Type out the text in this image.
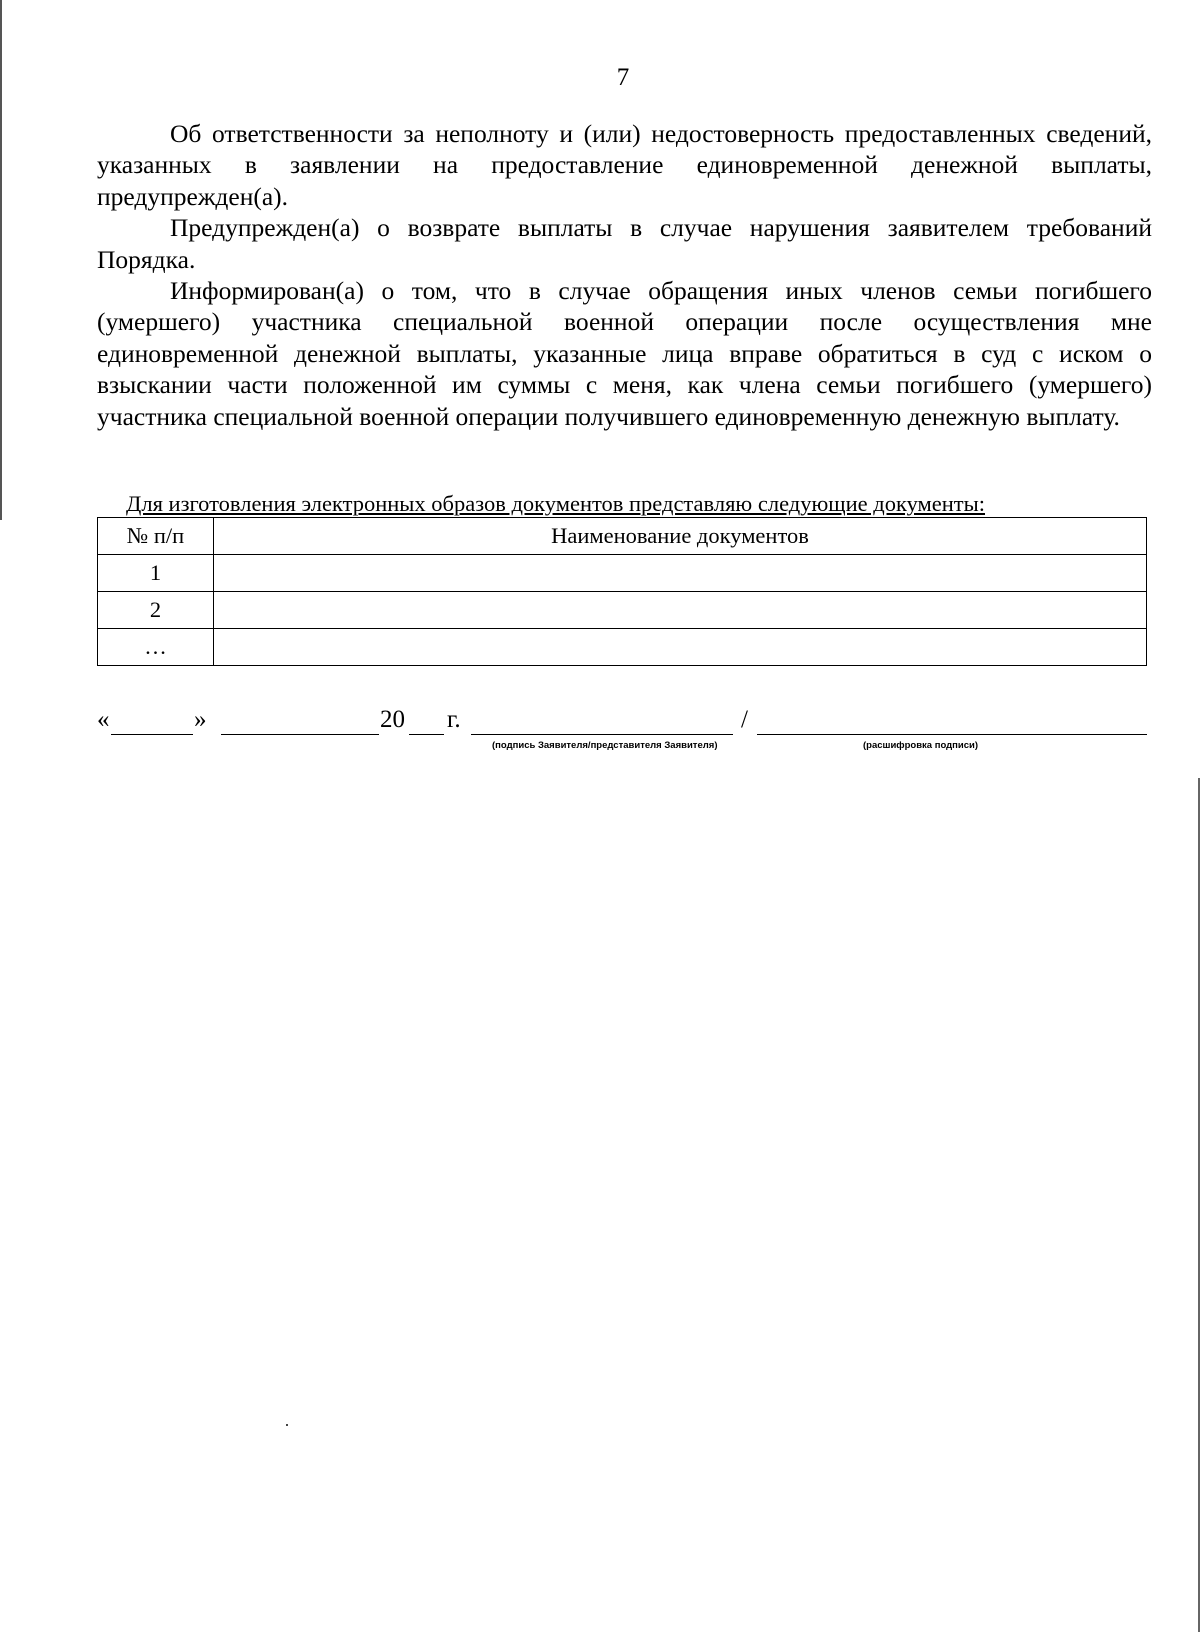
7

Об ответственности за неполноту и (или) недостоверность предоставленных сведений, указанных в заявлении на предоставление единовременной денежной выплаты, предупрежден(а).

Предупрежден(а) о возврате выплаты в случае нарушения заявителем требований Порядка.

Информирован(а) о том, что в случае обращения иных членов семьи погибшего (умершего) участника специальной военной операции после осуществления мне единовременной денежной выплаты, указанные лица вправе обратиться в суд с иском о взыскании части положенной им суммы с меня, как члена семьи погибшего (умершего) участника специальной военной операции получившего единовременную денежную выплату.

Для изготовления электронных образов документов представляю следующие документы:
№ п/п	Наименование документов
1	
2	
…	
«	»	20 г.	/
(подпись Заявителя/представителя Заявителя)	(расшифровка подписи)
